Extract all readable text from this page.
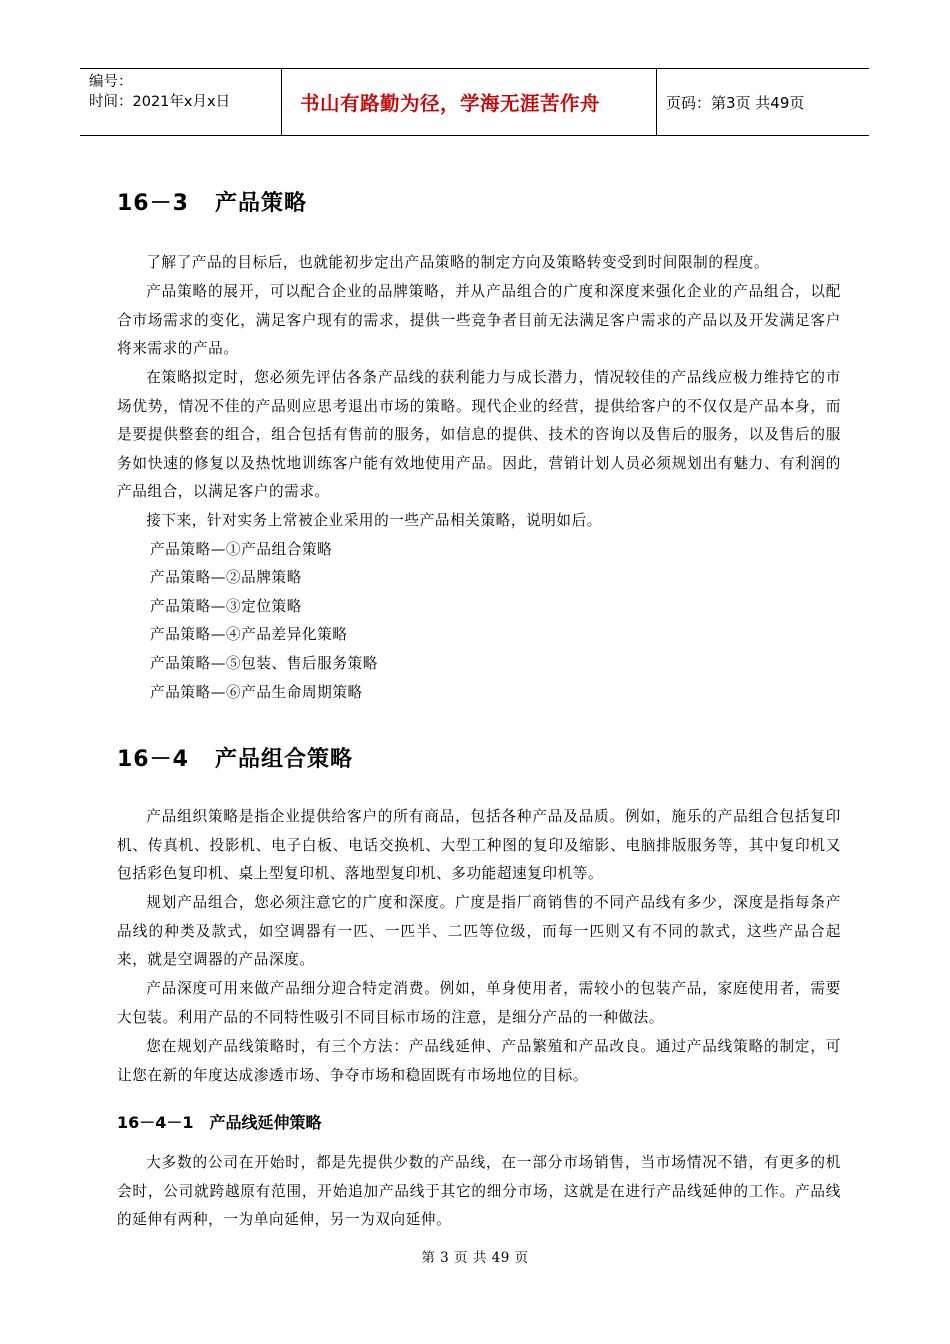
编号：
时间：2021年x月x日	书山有路勤为径，学海无涯苦作舟	页码：第3页 共49页
16－3 产品策略

了解了产品的目标后，也就能初步定出产品策略的制定方向及策略转变受到时间限制的程度。

产品策略的展开，可以配合企业的品牌策略，并从产品组合的广度和深度来强化企业的产品组合，以配合市场需求的变化，满足客户现有的需求，提供一些竞争者目前无法满足客户需求的产品以及开发满足客户将来需求的产品。

在策略拟定时，您必须先评估各条产品线的获利能力与成长潜力，情况较佳的产品线应极力维持它的市场优势，情况不佳的产品则应思考退出市场的策略。现代企业的经营，提供给客户的不仅仅是产品本身，而是要提供整套的组合，组合包括有售前的服务，如信息的提供、技术的咨询以及售后的服务，以及售后的服务如快速的修复以及热忱地训练客户能有效地使用产品。因此，营销计划人员必须规划出有魅力、有利润的产品组合，以满足客户的需求。

接下来，针对实务上常被企业采用的一些产品相关策略，说明如后。

产品策略—①产品组合策略

产品策略—②品牌策略

产品策略—③定位策略

产品策略—④产品差异化策略

产品策略—⑤包装、售后服务策略

产品策略—⑥产品生命周期策略

16－4 产品组合策略

产品组织策略是指企业提供给客户的所有商品，包括各种产品及品质。例如，施乐的产品组合包括复印机、传真机、投影机、电子白板、电话交换机、大型工种图的复印及缩影、电脑排版服务等，其中复印机又包括彩色复印机、桌上型复印机、落地型复印机、多功能超速复印机等。

规划产品组合，您必须注意它的广度和深度。广度是指厂商销售的不同产品线有多少，深度是指每条产品线的种类及款式，如空调器有一匹、一匹半、二匹等位级，而每一匹则又有不同的款式，这些产品合起来，就是空调器的产品深度。

产品深度可用来做产品细分迎合特定消费。例如，单身使用者，需较小的包装产品，家庭使用者，需要大包装。利用产品的不同特性吸引不同目标市场的注意，是细分产品的一种做法。

您在规划产品线策略时，有三个方法：产品线延伸、产品繁殖和产品改良。通过产品线策略的制定，可让您在新的年度达成渗透市场、争夺市场和稳固既有市场地位的目标。

16－4－1 产品线延伸策略

大多数的公司在开始时，都是先提供少数的产品线，在一部分市场销售，当市场情况不错，有更多的机会时，公司就跨越原有范围，开始追加产品线于其它的细分市场，这就是在进行产品线延伸的工作。产品线的延伸有两种，一为单向延伸，另一为双向延伸。

第 3 页 共 49 页
